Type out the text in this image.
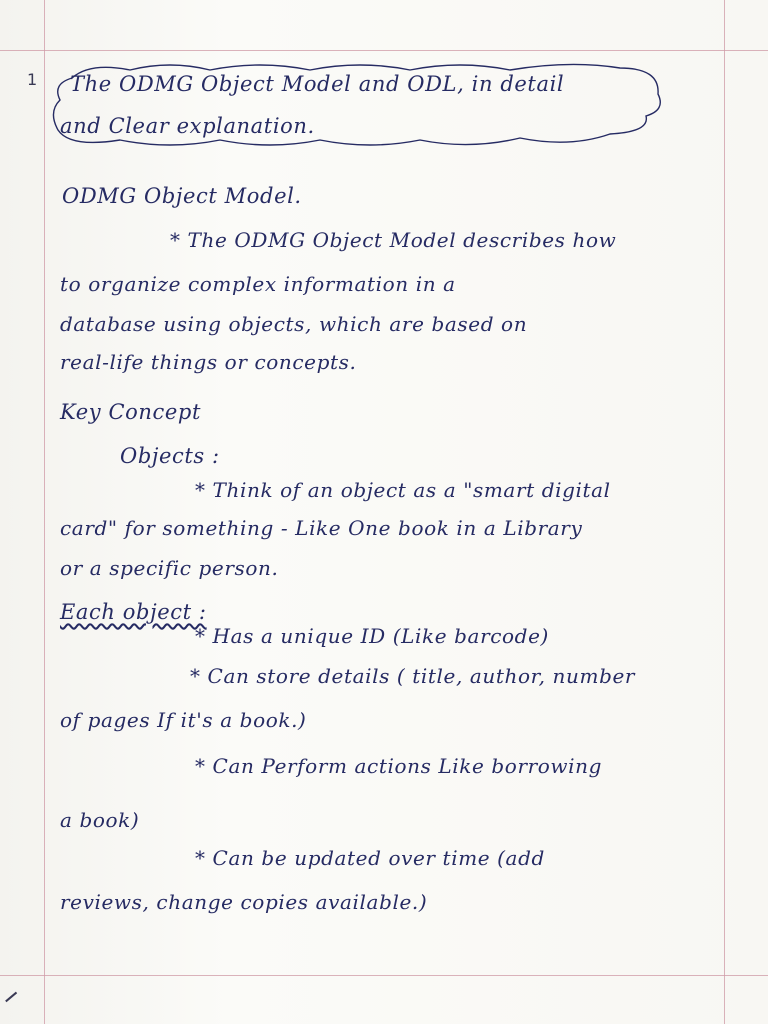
1 The ODMG Object Model and ODL, in detail
and Clear explanation.
ODMG Object Model.
* The ODMG Object Model describes how
to organize complex information in a
database using objects, which are based on
real-life things or concepts.
Key Concept
Objects :
* Think of an object as a "smart digital
card" for something - Like One book in a Library
or a specific person.
Each object :
* Has a unique ID (Like barcode)
* Can store details ( title, author, number
of pages If it's a book.)
* Can Perform actions Like borrowing
a book)
* Can be updated over time (add
reviews, change copies available.)
